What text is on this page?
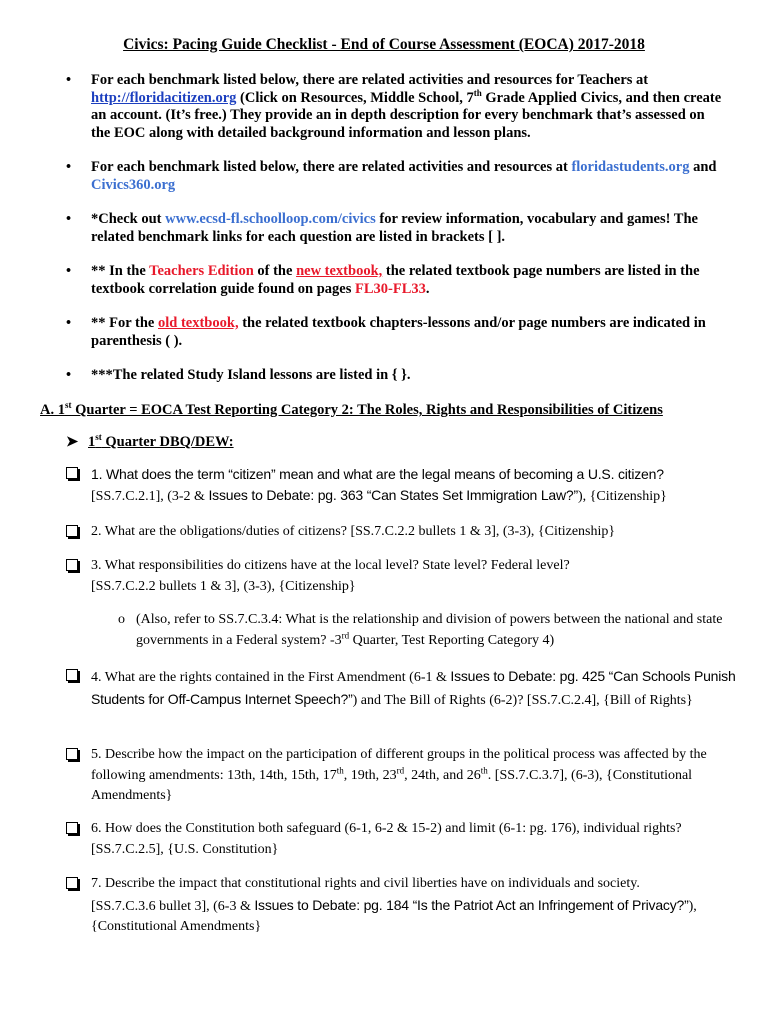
Civics: Pacing Guide Checklist - End of Course Assessment (EOCA) 2017-2018
• For each benchmark listed below, there are related activities and resources for Teachers at http://floridacitizen.org (Click on Resources, Middle School, 7th Grade Applied Civics, and then create an account. (It’s free.) They provide an in depth description for every benchmark that’s assessed on the EOC along with detailed background information and lesson plans.
• For each benchmark listed below, there are related activities and resources at floridastudents.org and Civics360.org
• *Check out www.ecsd-fl.schoolloop.com/civics for review information, vocabulary and games! The related benchmark links for each question are listed in brackets [ ].
• ** In the Teachers Edition of the new textbook, the related textbook page numbers are listed in the textbook correlation guide found on pages FL30-FL33.
• ** For the old textbook, the related textbook chapters-lessons and/or page numbers are indicated in parenthesis ( ).
• ***The related Study Island lessons are listed in { }.
A. 1st Quarter = EOCA Test Reporting Category 2: The Roles, Rights and Responsibilities of Citizens
➤ 1st Quarter DBQ/DEW:
1. What does the term “citizen” mean and what are the legal means of becoming a U.S. citizen?
[SS.7.C.2.1], (3-2 & Issues to Debate: pg. 363 “Can States Set Immigration Law?”), {Citizenship}
2. What are the obligations/duties of citizens? [SS.7.C.2.2 bullets 1 & 3], (3-3), {Citizenship}
3. What responsibilities do citizens have at the local level? State level? Federal level?
[SS.7.C.2.2 bullets 1 & 3], (3-3), {Citizenship}
o (Also, refer to SS.7.C.3.4: What is the relationship and division of powers between the national and state governments in a Federal system? -3rd Quarter, Test Reporting Category 4)
4. What are the rights contained in the First Amendment (6-1 & Issues to Debate: pg. 425 “Can Schools Punish Students for Off-Campus Internet Speech?”) and The Bill of Rights (6-2)? [SS.7.C.2.4], {Bill of Rights}
5. Describe how the impact on the participation of different groups in the political process was affected by the following amendments: 13th, 14th, 15th, 17th, 19th, 23rd, 24th, and 26th. [SS.7.C.3.7], (6-3), {Constitutional Amendments}
6. How does the Constitution both safeguard (6-1, 6-2 & 15-2) and limit (6-1: pg. 176), individual rights? [SS.7.C.2.5], {U.S. Constitution}
7. Describe the impact that constitutional rights and civil liberties have on individuals and society.
[SS.7.C.3.6 bullet 3], (6-3 & Issues to Debate: pg. 184 “Is the Patriot Act an Infringement of Privacy?”), {Constitutional Amendments}
